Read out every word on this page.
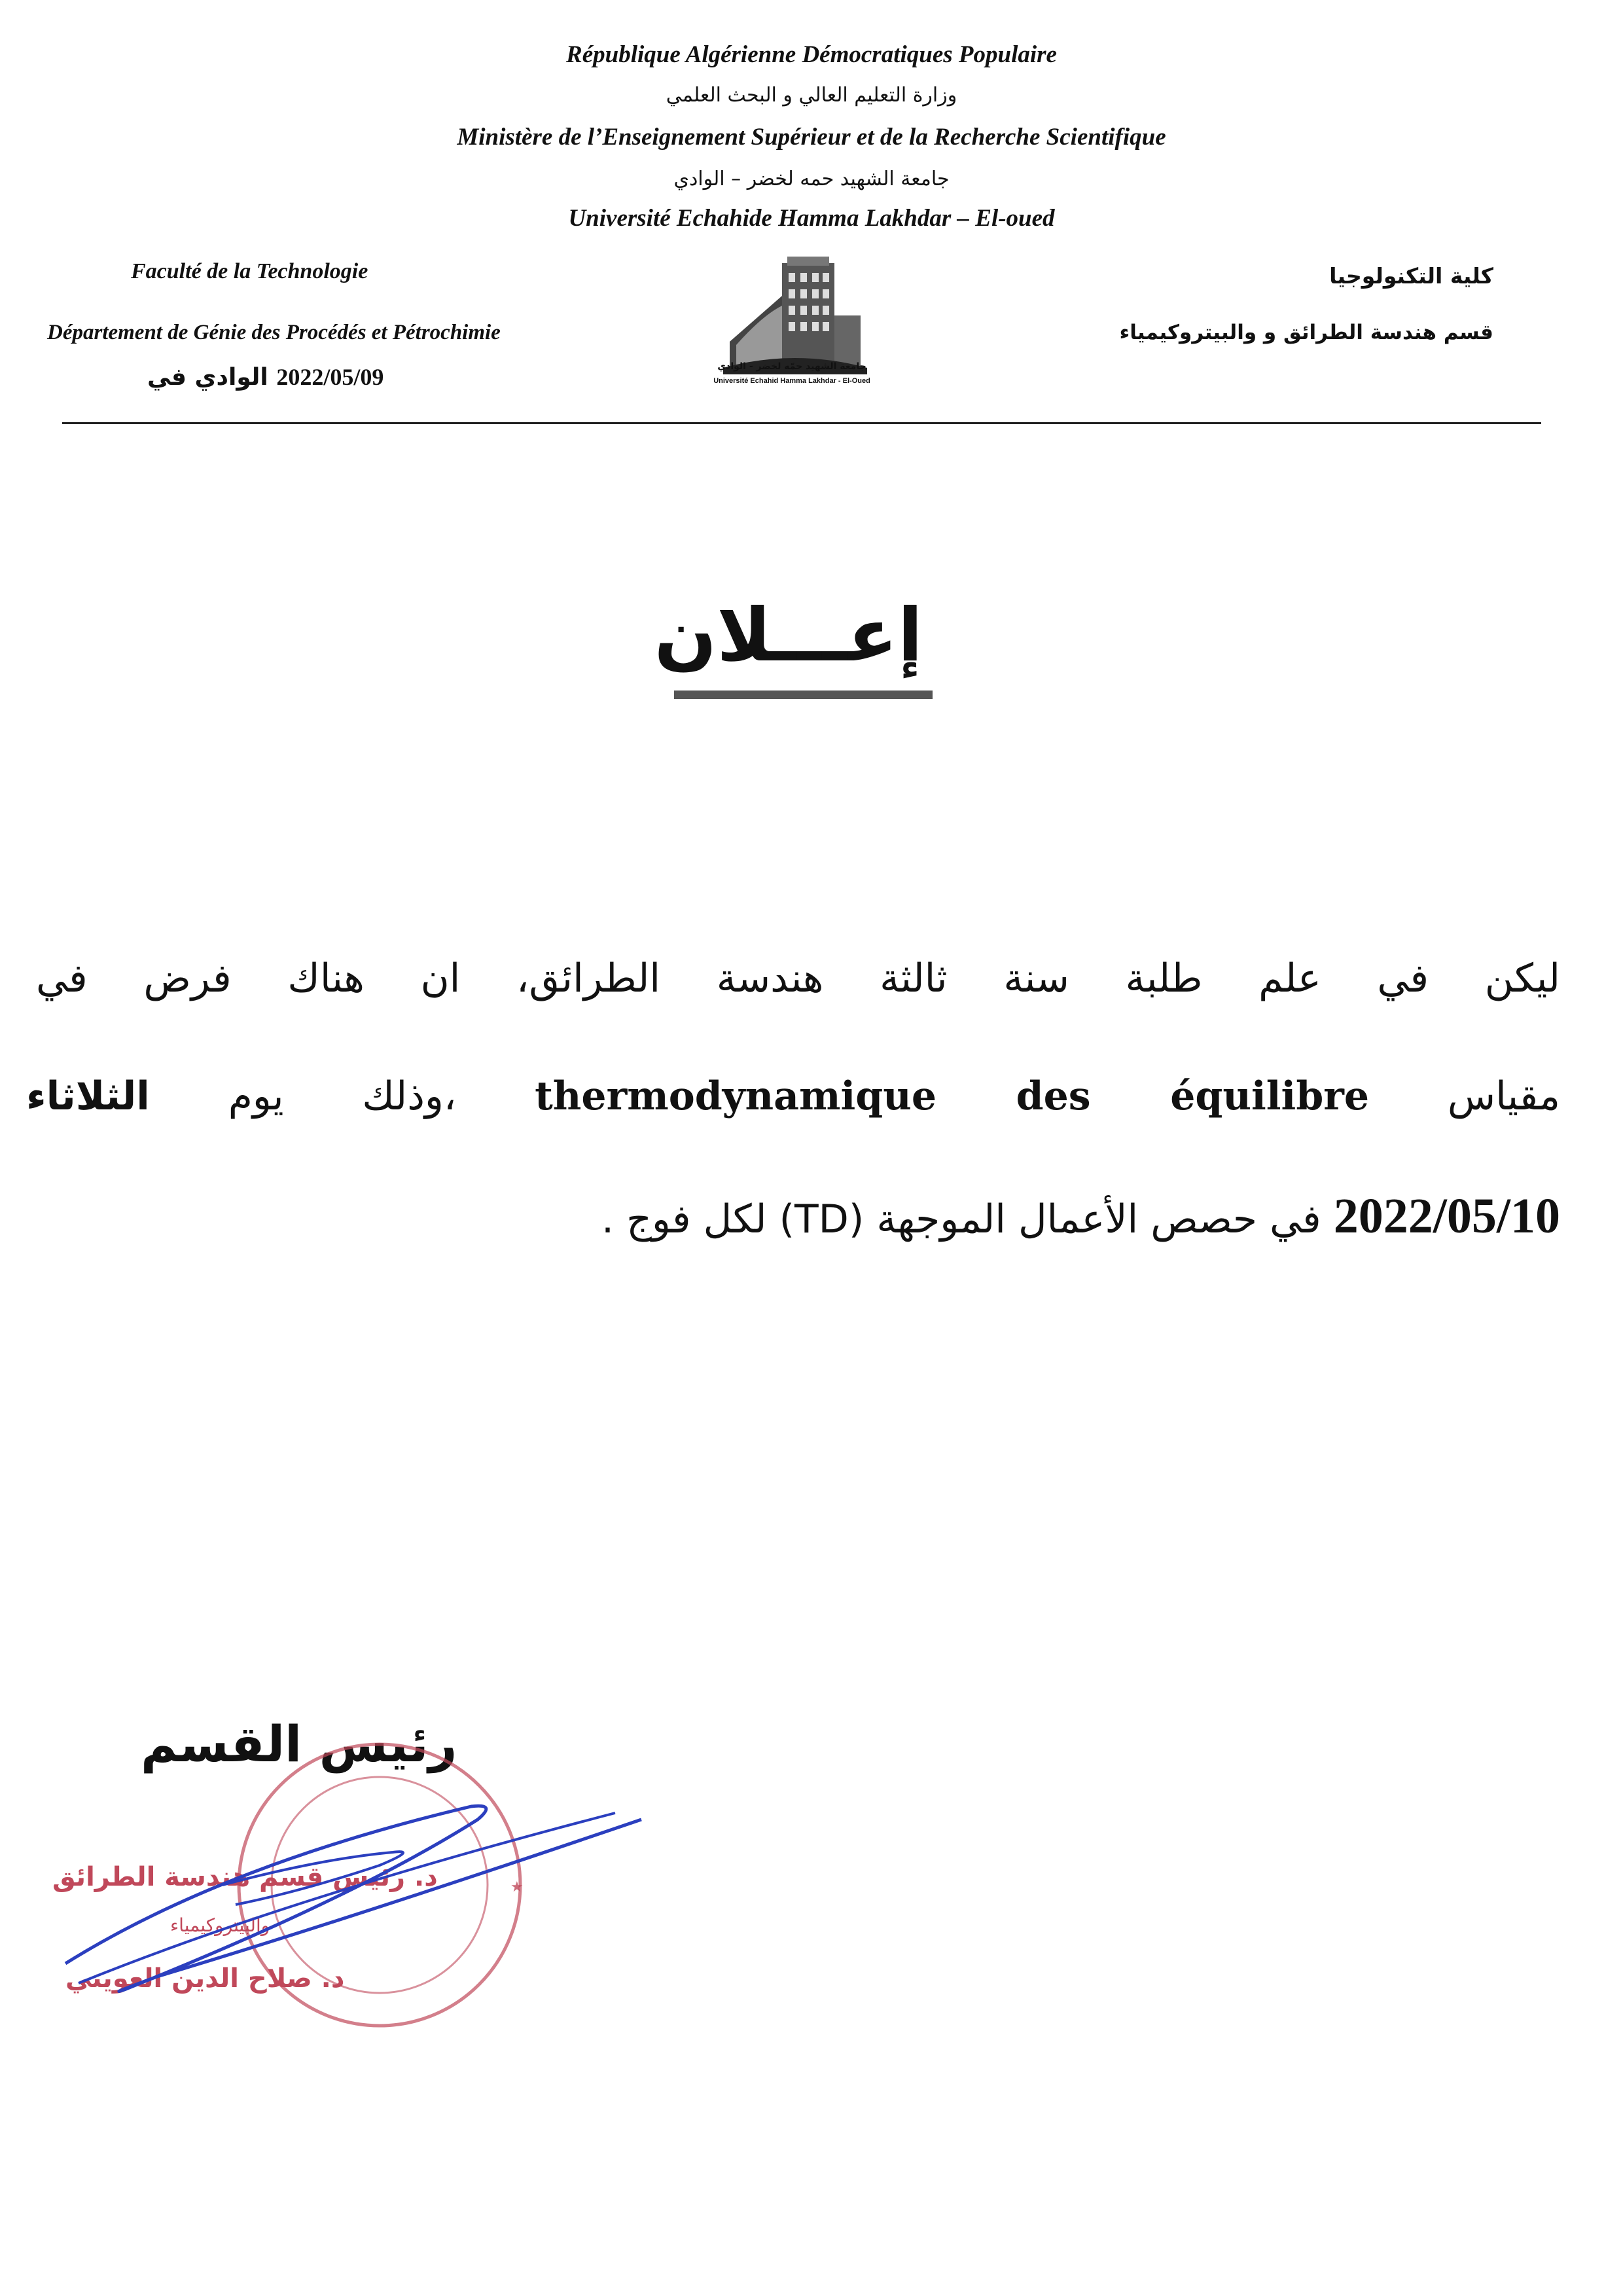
République Algérienne Démocratiques Populaire
وزارة التعليم العالي و البحث العلمي
Ministère de l’Enseignement Supérieur et de la Recherche Scientifique
جامعة الشهيد حمه لخضر – الوادي
Université Echahide Hamma Lakhdar – El-oued
Faculté de la Technologie
Département de Génie des Procédés et Pétrochimie
الوادي في 2022/05/09
كلية التكنولوجيا
قسم هندسة الطرائق و والبيتروكيمياء
جامعة الشهيد حمّه لخضر - الوادي
Université Echahid Hamma Lakhdar - El-Oued
إعـــلان
ليكن في علم طلبة سنة ثالثة هندسة الطرائق، ان هناك فرض في
مقياس thermodynamique des équilibre ،وذلك يوم الثلاثاء
2022/05/10 في حصص الأعمال الموجهة (TD) لكل فوج .
رئيس القسم
★
د. رئيس قسم هندسة الطرائق
والبيتروكيمياء
د. صلاح الدين العويني
